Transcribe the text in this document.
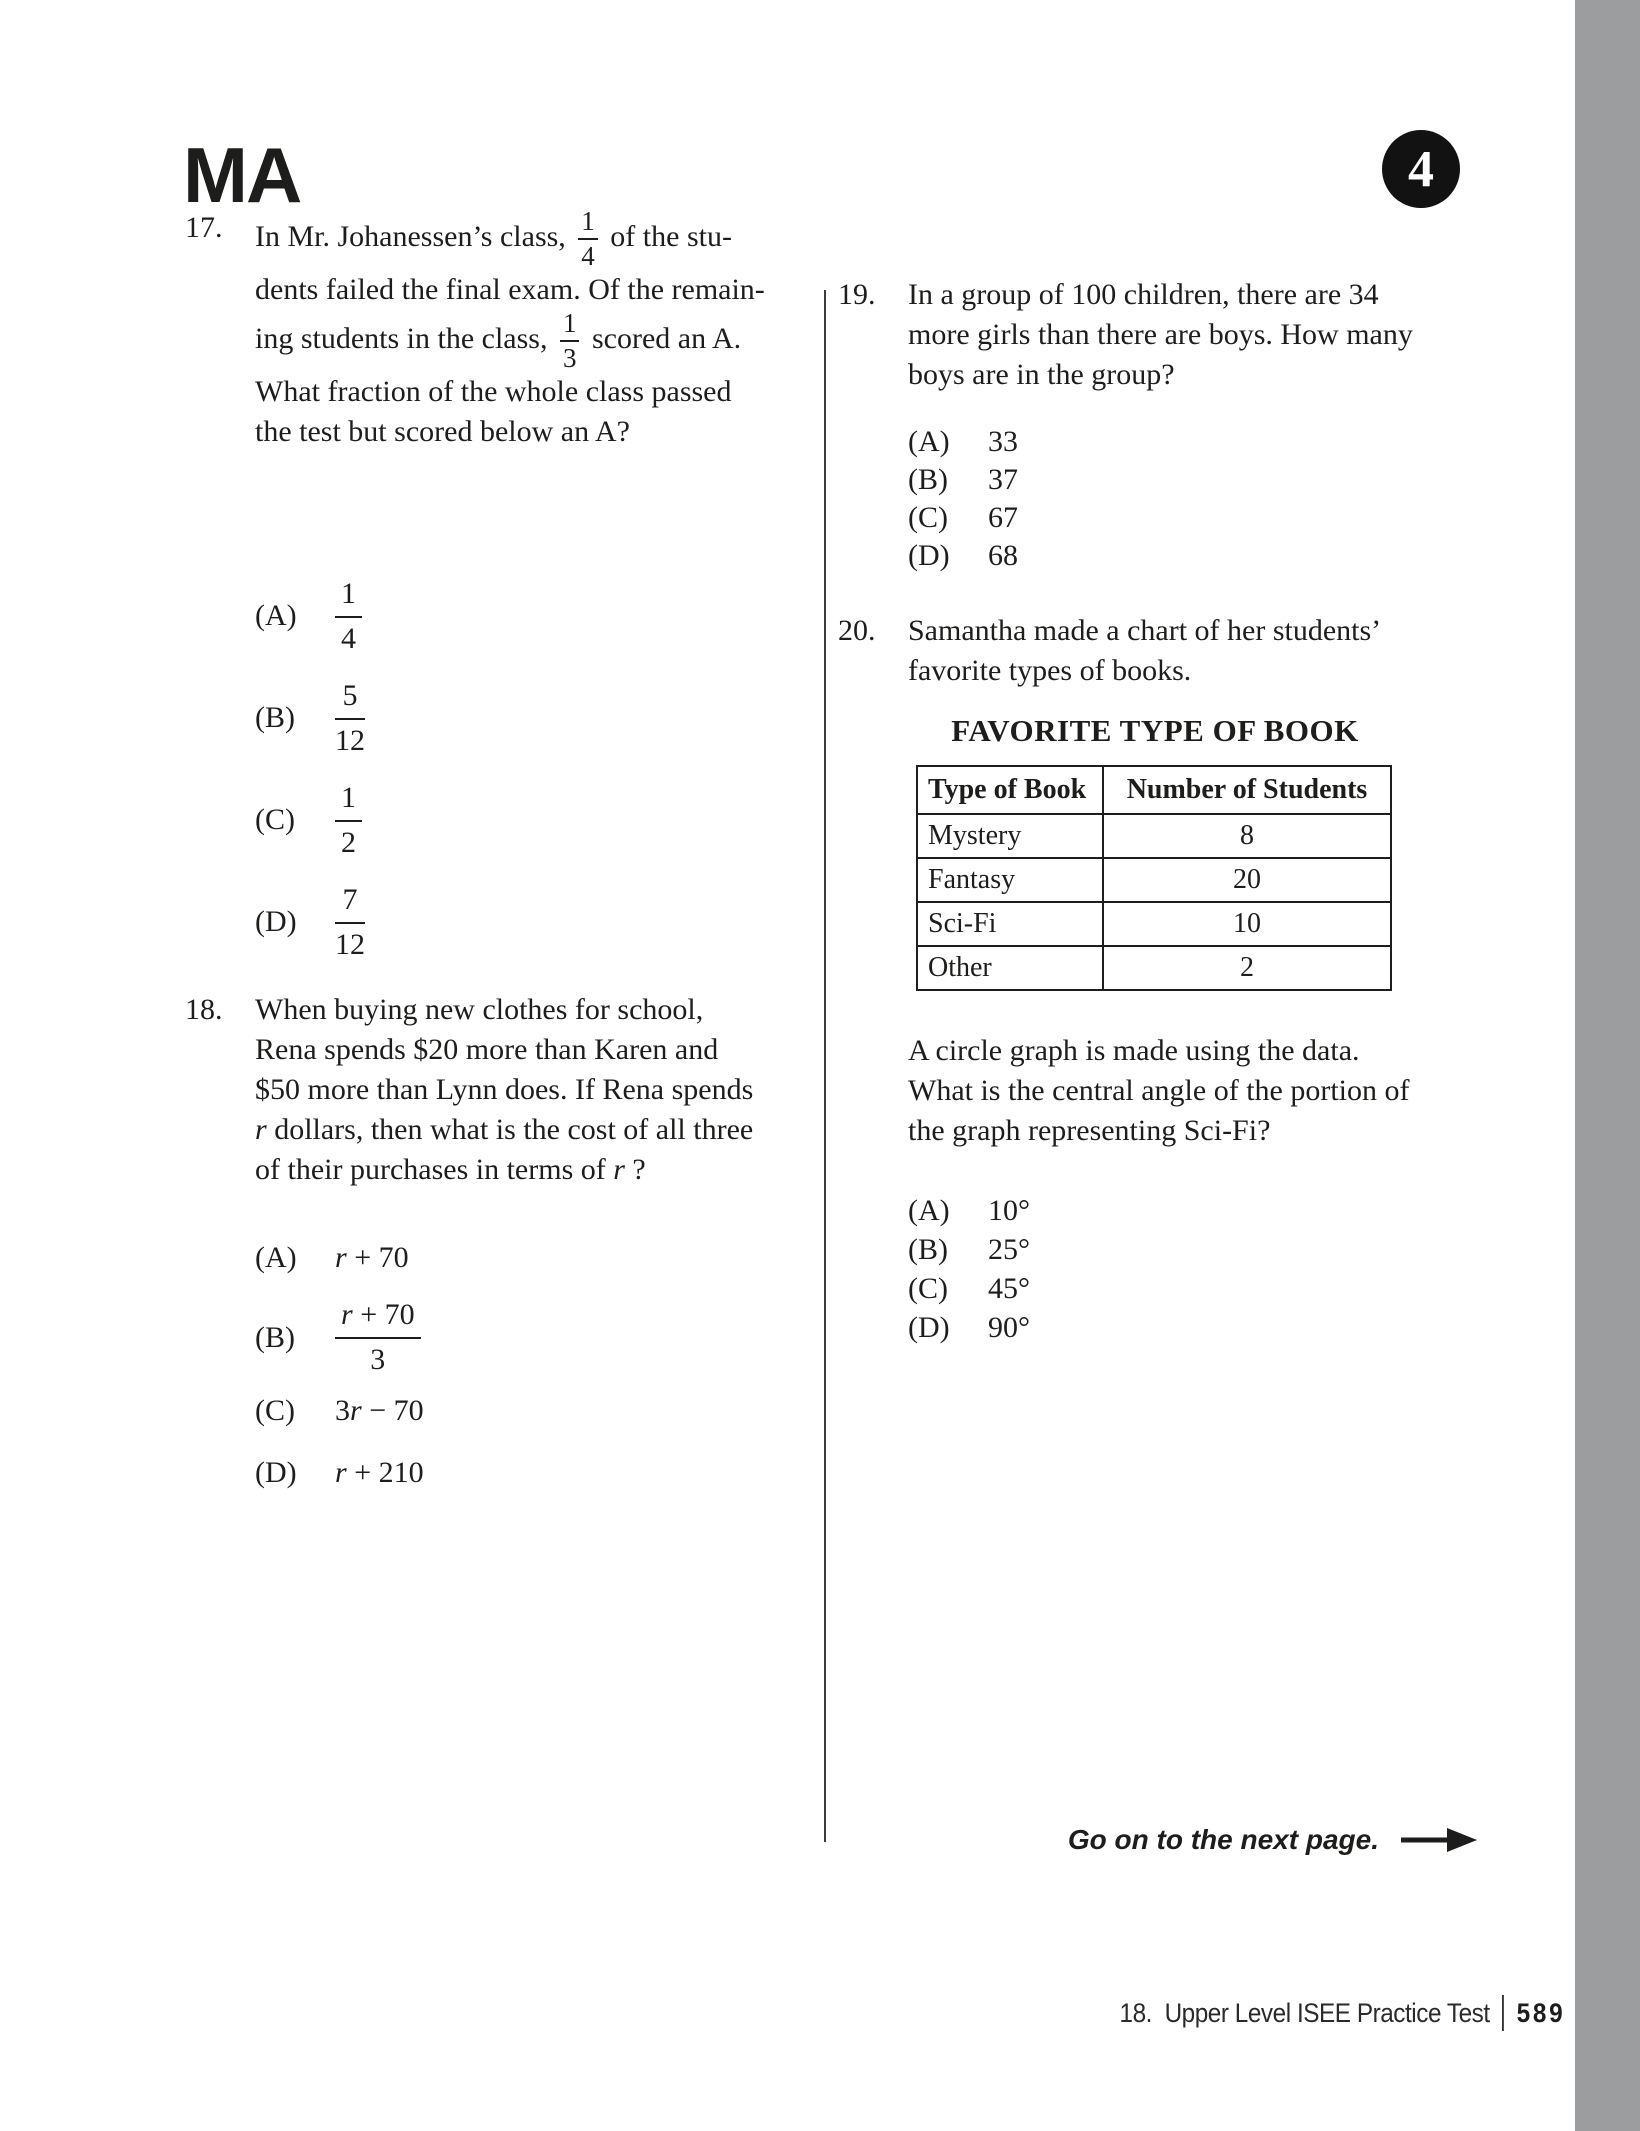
MA	4
17.	In Mr. Johanessen’s class, $\frac{1}{4}$ of the stu-
dents failed the final exam. Of the remain-
ing students in the class, $\frac{1}{3}$ scored an A.
What fraction of the whole class passed
the test but scored below an A?

(A)
1
4
(B)
5
12
(C)
1
2
(D)
7
12
18.	When buying new clothes for school,
Rena spends $20 more than Karen and
$50 more than Lynn does. If Rena spends
r dollars, then what is the cost of all three
of their purchases in terms of r ?

(A)	r + 70
(B)
r + 70
3
(C)	3r − 70
(D)	r + 210
19.	In a group of 100 children, there are 34
more girls than there are boys. How many
boys are in the group?

(A)	33
(B)	37
(C)	67
(D)	68
20.	Samantha made a chart of her students’
favorite types of books.

FAVORITE TYPE OF BOOK
Type of Book	Number of Students
Mystery	8
Fantasy	20
Sci-Fi	10
Other	2

A circle graph is made using the data.
What is the central angle of the portion of
the graph representing Sci-Fi?

(A)	10°
(B)	25°
(C)	45°
(D)	90°
Go on to the next page.
18. Upper Level ISEE Practice Test 589
